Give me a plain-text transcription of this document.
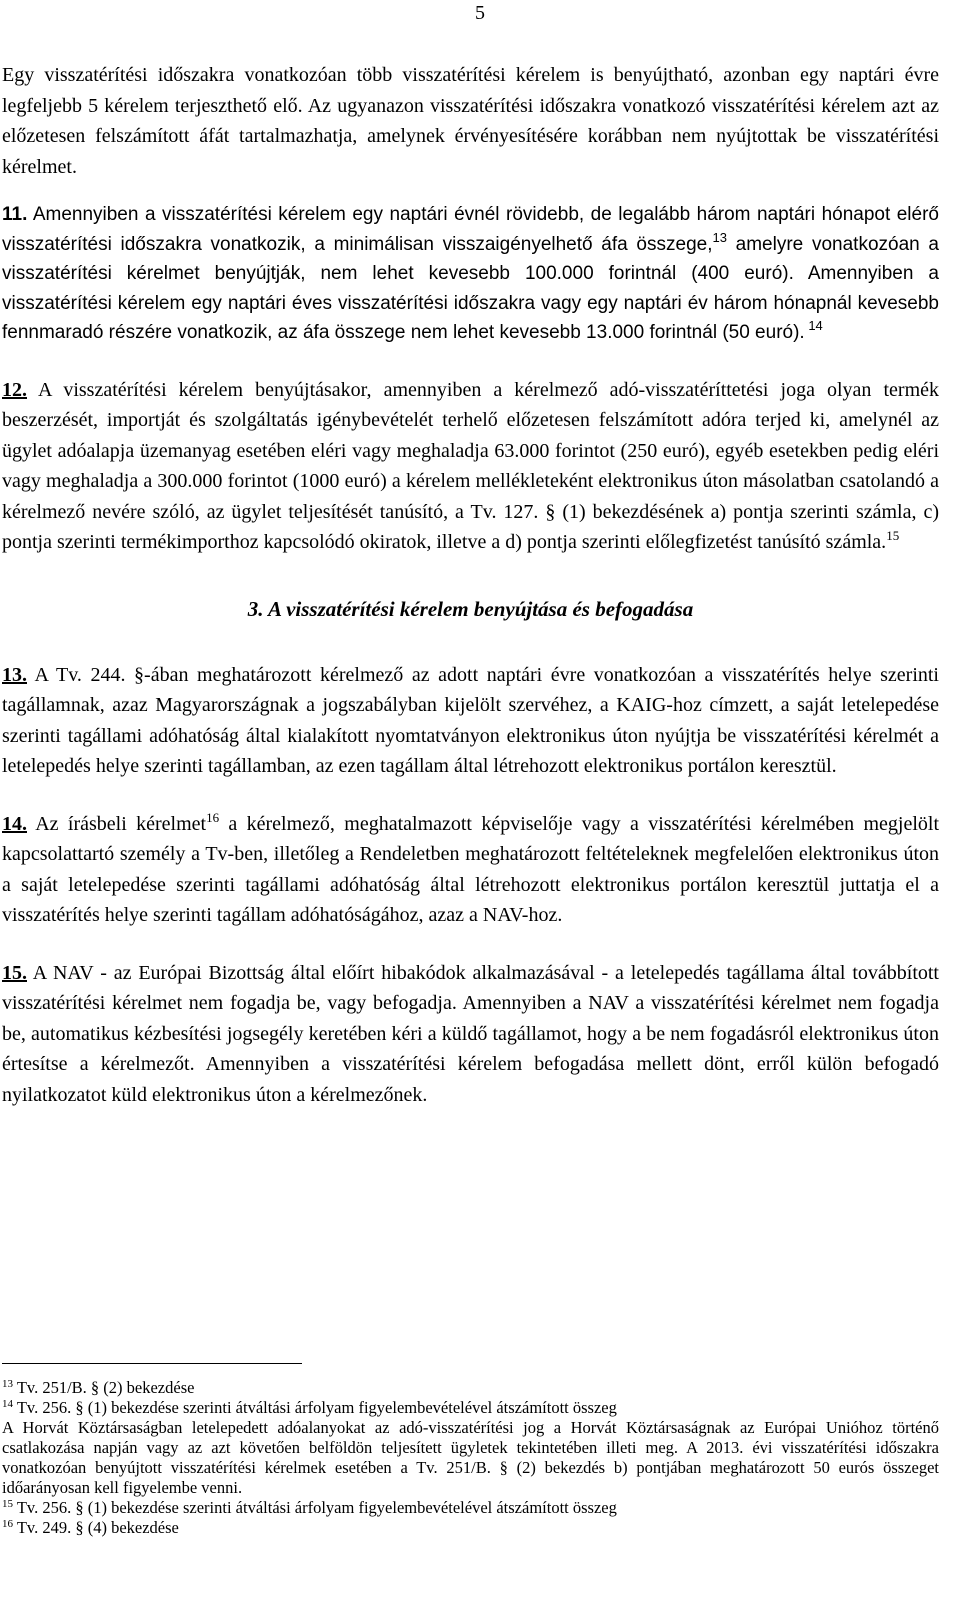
5

Egy visszatérítési időszakra vonatkozóan több visszatérítési kérelem is benyújtható, azonban egy naptári évre legfeljebb 5 kérelem terjeszthető elő. Az ugyanazon visszatérítési időszakra vonatkozó visszatérítési kérelem azt az előzetesen felszámított áfát tartalmazhatja, amelynek érvényesítésére korábban nem nyújtottak be visszatérítési kérelmet.

11. Amennyiben a visszatérítési kérelem egy naptári évnél rövidebb, de legalább három naptári hónapot elérő visszatérítési időszakra vonatkozik, a minimálisan visszaigényelhető áfa összege,$^{13}$ amelyre vonatkozóan a visszatérítési kérelmet benyújtják, nem lehet kevesebb 100.000 forintnál (400 euró). Amennyiben a visszatérítési kérelem egy naptári éves visszatérítési időszakra vagy egy naptári év három hónapnál kevesebb fennmaradó részére vonatkozik, az áfa összege nem lehet kevesebb 13.000 forintnál (50 euró). $^{14}$

12. A visszatérítési kérelem benyújtásakor, amennyiben a kérelmező adó-visszatéríttetési joga olyan termék beszerzését, importját és szolgáltatás igénybevételét terhelő előzetesen felszámított adóra terjed ki, amelynél az ügylet adóalapja üzemanyag esetében eléri vagy meghaladja 63.000 forintot (250 euró), egyéb esetekben pedig eléri vagy meghaladja a 300.000 forintot (1000 euró) a kérelem mellékleteként elektronikus úton másolatban csatolandó a kérelmező nevére szóló, az ügylet teljesítését tanúsító, a Tv. 127. § (1) bekezdésének a) pontja szerinti számla, c) pontja szerinti termékimporthoz kapcsolódó okiratok, illetve a d) pontja szerinti előlegfizetést tanúsító számla.$^{15}$

3. A visszatérítési kérelem benyújtása és befogadása

13. A Tv. 244. §-ában meghatározott kérelmező az adott naptári évre vonatkozóan a visszatérítés helye szerinti tagállamnak, azaz Magyarországnak a jogszabályban kijelölt szervéhez, a KAIG-hoz címzett, a saját letelepedése szerinti tagállami adóhatóság által kialakított nyomtatványon elektronikus úton nyújtja be visszatérítési kérelmét a letelepedés helye szerinti tagállamban, az ezen tagállam által létrehozott elektronikus portálon keresztül.

14. Az írásbeli kérelmet$^{16}$ a kérelmező, meghatalmazott képviselője vagy a visszatérítési kérelmében megjelölt kapcsolattartó személy a Tv-ben, illetőleg a Rendeletben meghatározott feltételeknek megfelelően elektronikus úton a saját letelepedése szerinti tagállami adóhatóság által létrehozott elektronikus portálon keresztül juttatja el a visszatérítés helye szerinti tagállam adóhatóságához, azaz a NAV-hoz.

15. A NAV - az Európai Bizottság által előírt hibakódok alkalmazásával - a letelepedés tagállama által továbbított visszatérítési kérelmet nem fogadja be, vagy befogadja. Amennyiben a NAV a visszatérítési kérelmet nem fogadja be, automatikus kézbesítési jogsegély keretében kéri a küldő tagállamot, hogy a be nem fogadásról elektronikus úton értesítse a kérelmezőt. Amennyiben a visszatérítési kérelem befogadása mellett dönt, erről külön befogadó nyilatkozatot küld elektronikus úton a kérelmezőnek.

$^{13}$ Tv. 251/B. § (2) bekezdése

$^{14}$ Tv. 256. § (1) bekezdése szerinti átváltási árfolyam figyelembevételével átszámított összeg

A Horvát Köztársaságban letelepedett adóalanyokat az adó-visszatérítési jog a Horvát Köztársaságnak az Európai Unióhoz történő csatlakozása napján vagy az azt követően belföldön teljesített ügyletek tekintetében illeti meg. A 2013. évi visszatérítési időszakra vonatkozóan benyújtott visszatérítési kérelmek esetében a Tv. 251/B. § (2) bekezdés b) pontjában meghatározott 50 eurós összeget időarányosan kell figyelembe venni.

$^{15}$ Tv. 256. § (1) bekezdése szerinti átváltási árfolyam figyelembevételével átszámított összeg

$^{16}$ Tv. 249. § (4) bekezdése
